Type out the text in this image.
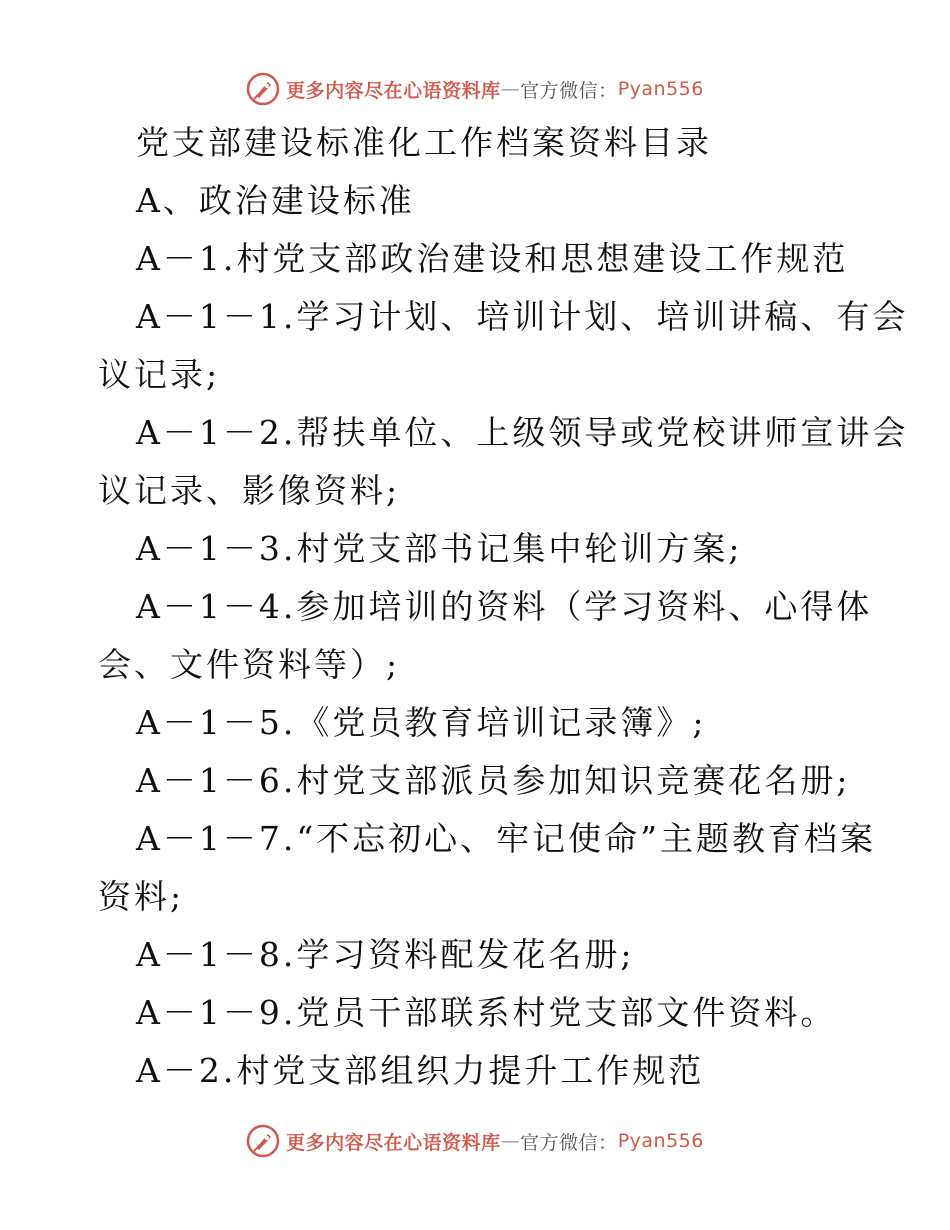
更多内容尽在心语资料库 — 官方微信： Pyan556

党支部建设标准化工作档案资料目录

A、政治建设标准

A－1.村党支部政治建设和思想建设工作规范

A－1－1.学习计划、培训计划、培训讲稿、有会

议记录;

A－1－2.帮扶单位、上级领导或党校讲师宣讲会

议记录、影像资料;

A－1－3.村党支部书记集中轮训方案;

A－1－4.参加培训的资料（学习资料、心得体

会、文件资料等）;

A－1－5.《党员教育培训记录簿》;

A－1－6.村党支部派员参加知识竞赛花名册;

A－1－7.“不忘初心、牢记使命”主题教育档案

资料;

A－1－8.学习资料配发花名册;

A－1－9.党员干部联系村党支部文件资料。

A－2.村党支部组织力提升工作规范

更多内容尽在心语资料库 — 官方微信： Pyan556
